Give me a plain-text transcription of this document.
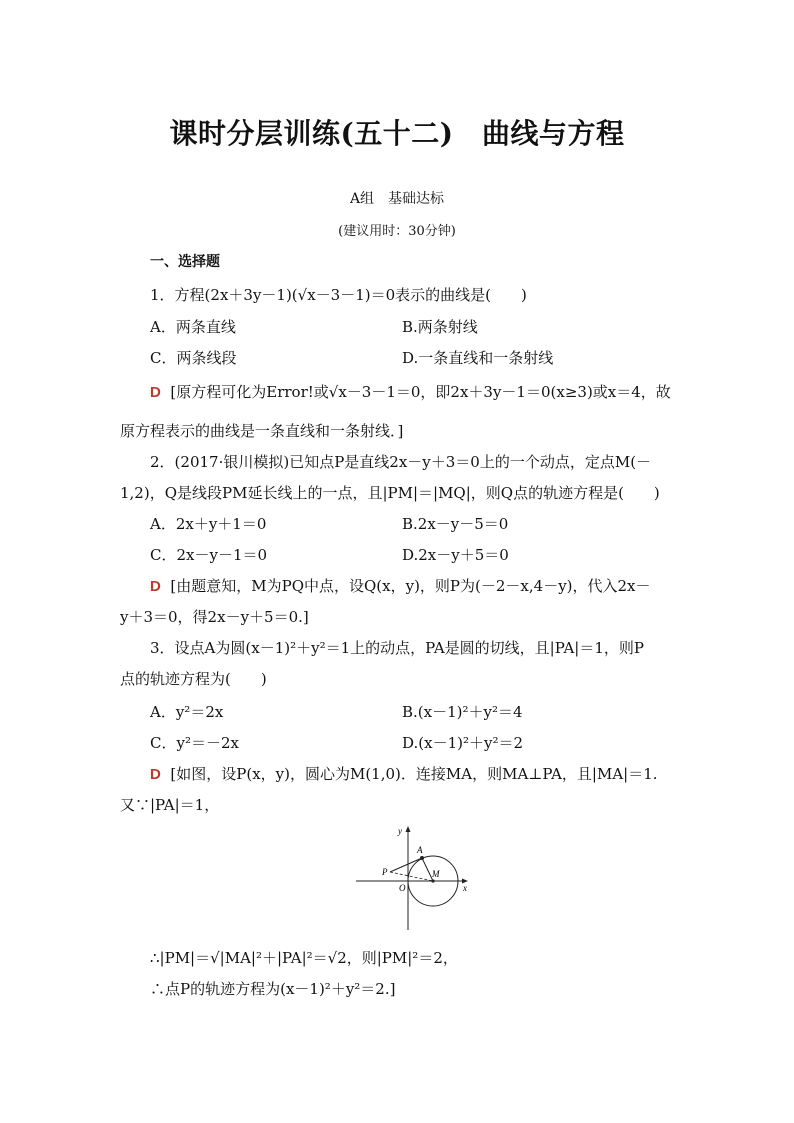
课时分层训练(五十二)　曲线与方程
A组　基础达标
(建议用时：30分钟)
一、选择题
1．方程(2x＋3y－1)(√x－3－1)＝0表示的曲线是(　　)
A．两条直线	B.两条射线
C．两条线段	D.一条直线和一条射线
D [原方程可化为Error!或√x－3－1＝0，即2x＋3y－1＝0(x≥3)或x＝4，故
原方程表示的曲线是一条直线和一条射线．]
2．(2017·银川模拟)已知点P是直线2x－y＋3＝0上的一个动点，定点M(－
1,2)，Q是线段PM延长线上的一点，且|PM|＝|MQ|，则Q点的轨迹方程是(　　)
A．2x＋y＋1＝0	B.2x－y－5＝0
C．2x－y－1＝0	D.2x－y＋5＝0
D [由题意知，M为PQ中点，设Q(x，y)，则P为(－2－x,4－y)，代入2x－
y＋3＝0，得2x－y＋5＝0.]
3．设点A为圆(x－1)²＋y²＝1上的动点，PA是圆的切线，且|PA|＝1，则P
点的轨迹方程为(　　)
A．y²＝2x	B.(x－1)²＋y²＝4
C．y²＝－2x	D.(x－1)²＋y²＝2
D [如图，设P(x，y)，圆心为M(1,0)．连接MA，则MA⊥PA，且|MA|＝1.
又∵|PA|＝1，
y
x
A
P
O
M
∴|PM|＝√|MA|²＋|PA|²＝√2，则|PM|²＝2，
∴点P的轨迹方程为(x－1)²＋y²＝2.]
